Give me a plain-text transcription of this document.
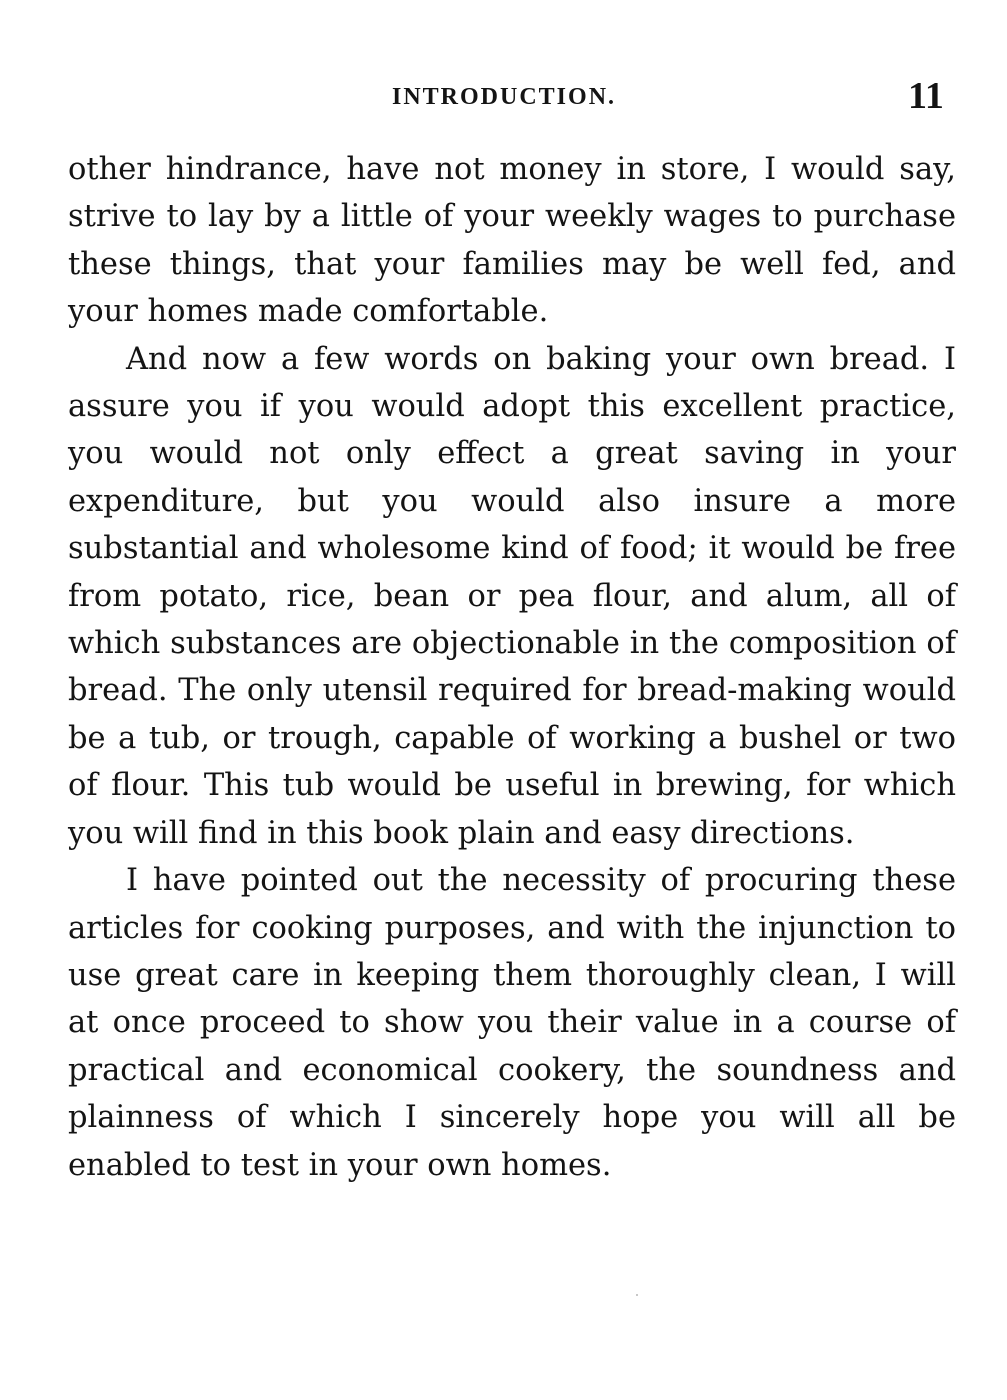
INTRODUCTION.	11

other hindrance, have not money in store, I would say, strive to lay by a little of your weekly wages to purchase these things, that your families may be well fed, and your homes made comfortable.

And now a few words on baking your own bread. I assure you if you would adopt this excellent practice, you would not only effect a great saving in your expenditure, but you would also insure a more substantial and wholesome kind of food; it would be free from potato, rice, bean or pea flour, and alum, all of which substances are objectionable in the composition of bread. The only utensil required for bread-making would be a tub, or trough, capable of working a bushel or two of flour. This tub would be useful in brewing, for which you will find in this book plain and easy directions.

I have pointed out the necessity of procuring these articles for cooking purposes, and with the injunction to use great care in keeping them thoroughly clean, I will at once proceed to show you their value in a course of practical and economical cookery, the soundness and plainness of which I sincerely hope you will all be enabled to test in your own homes.
